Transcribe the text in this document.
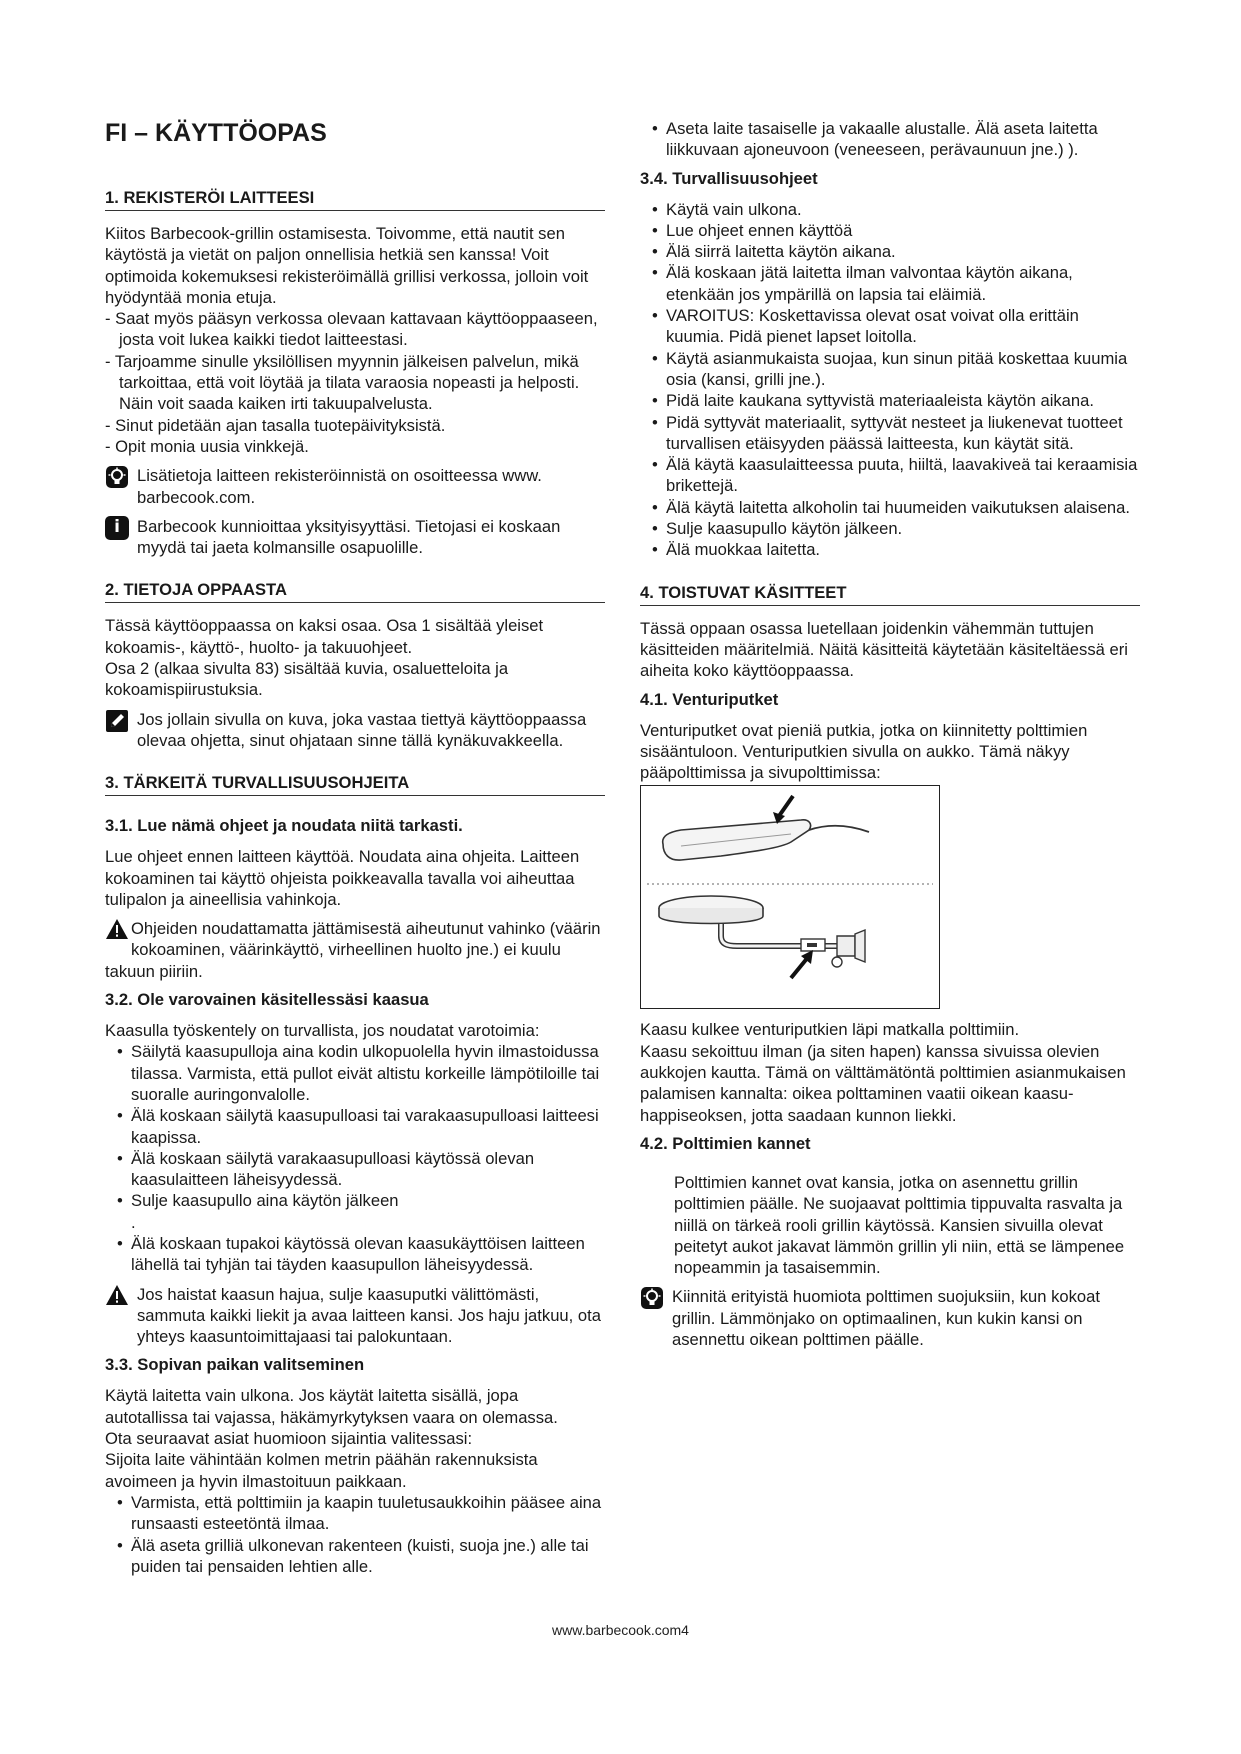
FI – KÄYTTÖOPAS
1. REKISTERÖI LAITTEESI

Kiitos Barbecook-grillin ostamisesta. Toivomme, että nautit sen käytöstä ja vietät on paljon onnellisia hetkiä sen kanssa! Voit optimoida kokemuksesi rekisteröimällä grillisi verkossa, jolloin voit hyödyntää monia etuja.

- Saat myös pääsyn verkossa olevaan kattavaan käyttöoppaaseen, josta voit lukea kaikki tiedot laitteestasi.

- Tarjoamme sinulle yksilöllisen myynnin jälkeisen palvelun, mikä tarkoittaa, että voit löytää ja tilata varaosia nopeasti ja helposti. Näin voit saada kaiken irti takuupalvelusta.

- Sinut pidetään ajan tasalla tuotepäivityksistä.

- Opit monia uusia vinkkejä.

Lisätietoja laitteen rekisteröinnistä on osoitteessa www. barbecook.com.

i	Barbecook kunnioittaa yksityisyyttäsi. Tietojasi ei koskaan myydä tai jaeta kolmansille osapuolille.

2. TIETOJA OPPAASTA

Tässä käyttöoppaassa on kaksi osaa. Osa 1 sisältää yleiset kokoamis-, käyttö-, huolto- ja takuuohjeet.

Osa 2 (alkaa sivulta 83) sisältää kuvia, osaluetteloita ja kokoamispiirustuksia.

Jos jollain sivulla on kuva, joka vastaa tiettyä käyttöoppaassa olevaa ohjetta, sinut ohjataan sinne tällä kynäkuvakkeella.

3. TÄRKEITÄ TURVALLISUUSOHJEITA
3.1. Lue nämä ohjeet ja noudata niitä tarkasti.

Lue ohjeet ennen laitteen käyttöä. Noudata aina ohjeita. Laitteen kokoaminen tai käyttö ohjeista poikkeavalla tavalla voi aiheuttaa tulipalon ja aineellisia vahinkoja.

Ohjeiden noudattamatta jättämisestä aiheutunut vahinko (väärin kokoaminen, väärinkäyttö, virheellinen huolto jne.) ei kuulu takuun piiriin.

3.2. Ole varovainen käsitellessäsi kaasua

Kaasulla työskentely on turvallista, jos noudatat varotoimia:

• Säilytä kaasupulloja aina kodin ulkopuolella hyvin ilmastoidussa tilassa. Varmista, että pullot eivät altistu korkeille lämpötiloille tai suoralle auringonvalolle.
• Älä koskaan säilytä kaasupulloasi tai varakaasupulloasi laitteesi kaapissa.
• Älä koskaan säilytä varakaasupulloasi käytössä olevan kaasulaitteen läheisyydessä.
• Sulje kaasupullo aina käytön jälkeen

.

• Älä koskaan tupakoi käytössä olevan kaasukäyttöisen laitteen lähellä tai tyhjän tai täyden kaasupullon läheisyydessä.

Jos haistat kaasun hajua, sulje kaasuputki välittömästi, sammuta kaikki liekit ja avaa laitteen kansi. Jos haju jatkuu, ota yhteys kaasuntoimittajaasi tai palokuntaan.

3.3. Sopivan paikan valitseminen

Käytä laitetta vain ulkona. Jos käytät laitetta sisällä, jopa autotallissa tai vajassa, häkämyrkytyksen vaara on olemassa.

Ota seuraavat asiat huomioon sijaintia valitessasi:

Sijoita laite vähintään kolmen metrin päähän rakennuksista avoimeen ja hyvin ilmastoituun paikkaan.

• Varmista, että polttimiin ja kaapin tuuletusaukkoihin pääsee aina runsaasti esteetöntä ilmaa.
• Älä aseta grilliä ulkonevan rakenteen (kuisti, suoja jne.) alle tai puiden tai pensaiden lehtien alle.
• Aseta laite tasaiselle ja vakaalle alustalle. Älä aseta laitetta liikkuvaan ajoneuvoon (veneeseen, perävaunuun jne.) ).
3.4. Turvallisuusohjeet
• Käytä vain ulkona.
• Lue ohjeet ennen käyttöä
• Älä siirrä laitetta käytön aikana.
• Älä koskaan jätä laitetta ilman valvontaa käytön aikana, etenkään jos ympärillä on lapsia tai eläimiä.
• VAROITUS: Koskettavissa olevat osat voivat olla erittäin kuumia. Pidä pienet lapset loitolla.
• Käytä asianmukaista suojaa, kun sinun pitää koskettaa kuumia osia (kansi, grilli jne.).
• Pidä laite kaukana syttyvistä materiaaleista käytön aikana.
• Pidä syttyvät materiaalit, syttyvät nesteet ja liukenevat tuotteet turvallisen etäisyyden päässä laitteesta, kun käytät sitä.
• Älä käytä kaasulaitteessa puuta, hiiltä, laavakiveä tai keraamisia brikettejä.
• Älä käytä laitetta alkoholin tai huumeiden vaikutuksen alaisena.
• Sulje kaasupullo käytön jälkeen.
• Älä muokkaa laitetta.
4. TOISTUVAT KÄSITTEET

Tässä oppaan osassa luetellaan joidenkin vähemmän tuttujen käsitteiden määritelmiä. Näitä käsitteitä käytetään käsiteltäessä eri aiheita koko käyttöoppaassa.

4.1. Venturiputket

Venturiputket ovat pieniä putkia, jotka on kiinnitetty polttimien sisääntuloon. Venturiputkien sivulla on aukko. Tämä näkyy pääpolttimissa ja sivupolttimissa:

Kaasu kulkee venturiputkien läpi matkalla polttimiin.

Kaasu sekoittuu ilman (ja siten hapen) kanssa sivuissa olevien aukkojen kautta. Tämä on välttämätöntä polttimien asianmukaisen palamisen kannalta: oikea polttaminen vaatii oikean kaasu-happiseoksen, jotta saadaan kunnon liekki.

4.2. Polttimien kannet

Polttimien kannet ovat kansia, jotka on asennettu grillin polttimien päälle. Ne suojaavat polttimia tippuvalta rasvalta ja niillä on tärkeä rooli grillin käytössä. Kansien sivuilla olevat peitetyt aukot jakavat lämmön grillin yli niin, että se lämpenee nopeammin ja tasaisemmin.

Kiinnitä erityistä huomiota polttimen suojuksiin, kun kokoat grillin. Lämmönjako on optimaalinen, kun kukin kansi on asennettu oikean polttimen päälle.

www.barbecook.com4
